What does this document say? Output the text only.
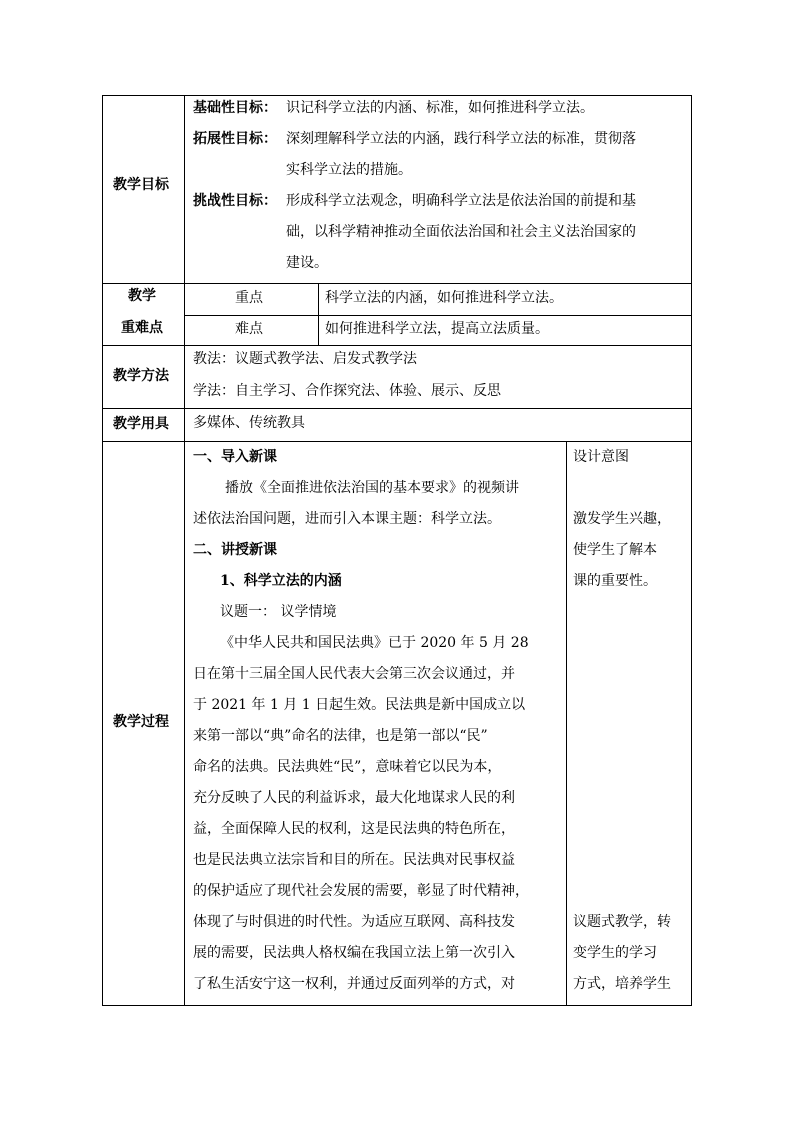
教学目标
基础性目标： 识记科学立法的内涵、标准，如何推进科学立法。
拓展性目标： 深刻理解科学立法的内涵，践行科学立法的标准，贯彻落
实科学立法的措施。
挑战性目标： 形成科学立法观念，明确科学立法是依法治国的前提和基
础，以科学精神推动全面依法治国和社会主义法治国家的
建设。
教学
重难点
重点	科学立法的内涵，如何推进科学立法。
难点	如何推进科学立法，提高立法质量。
教学方法
教法：议题式教学法、启发式教学法
学法：自主学习、合作探究法、体验、展示、反思
教学用具 多媒体、传统教具
教学过程
一、导入新课
播放《全面推进依法治国的基本要求》的视频讲
述依法治国问题，进而引入本课主题：科学立法。
二、讲授新课
1、科学立法的内涵
议题一： 议学情境
《中华人民共和国民法典》已于 2020 年 5 月 28
日在第十三届全国人民代表大会第三次会议通过，并
于 2021 年 1 月 1 日起生效。民法典是新中国成立以
来第一部以“典”命名的法律，也是第一部以“民”
命名的法典。民法典姓“民”，意味着它以民为本，
充分反映了人民的利益诉求，最大化地谋求人民的利
益，全面保障人民的权利，这是民法典的特色所在，
也是民法典立法宗旨和目的所在。民法典对民事权益
的保护适应了现代社会发展的需要，彰显了时代精神，
体现了与时俱进的时代性。为适应互联网、高科技发
展的需要，民法典人格权编在我国立法上第一次引入
了私生活安宁这一权利，并通过反面列举的方式，对
设计意图
激发学生兴趣，
使学生了解本
课的重要性。
议题式教学，转
变学生的学习
方式，培养学生
